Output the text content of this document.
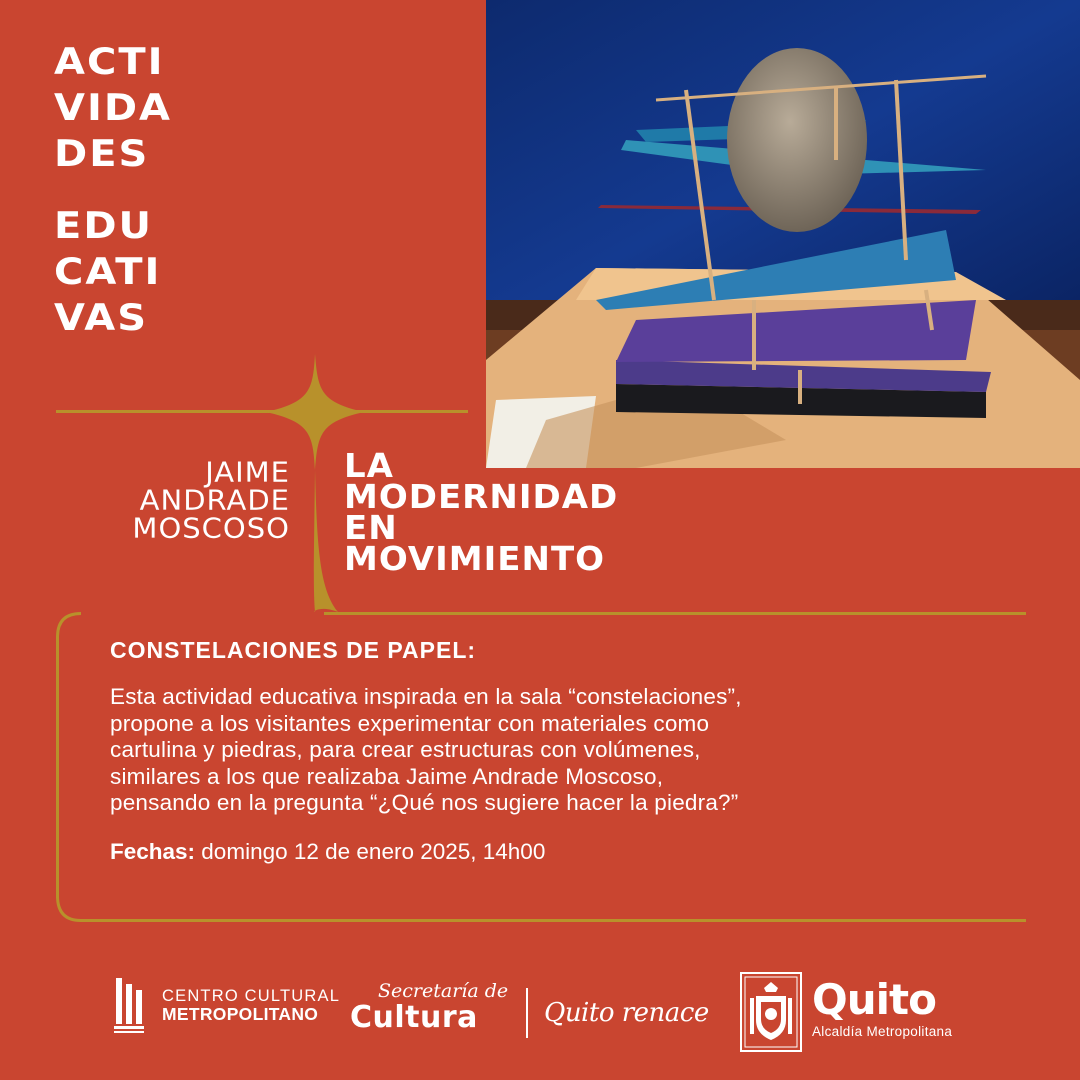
ACTI
VIDA
DES
EDU
CATI
VAS
JAIME
ANDRADE
MOSCOSO
LA
MODERNIDAD
EN
MOVIMIENTO
CONSTELACIONES DE PAPEL:
Esta actividad educativa inspirada en la sala “constelaciones”,
propone a los visitantes experimentar con materiales como
cartulina y piedras, para crear estructuras con volúmenes,
similares a los que realizaba Jaime Andrade Moscoso,
pensando en la pregunta “¿Qué nos sugiere hacer la piedra?”
Fechas: domingo 12 de enero 2025, 14h00
CENTRO CULTURAL
METROPOLITANO
Secretaría de
Cultura	Quito renace Quito
Alcaldía Metropolitana
